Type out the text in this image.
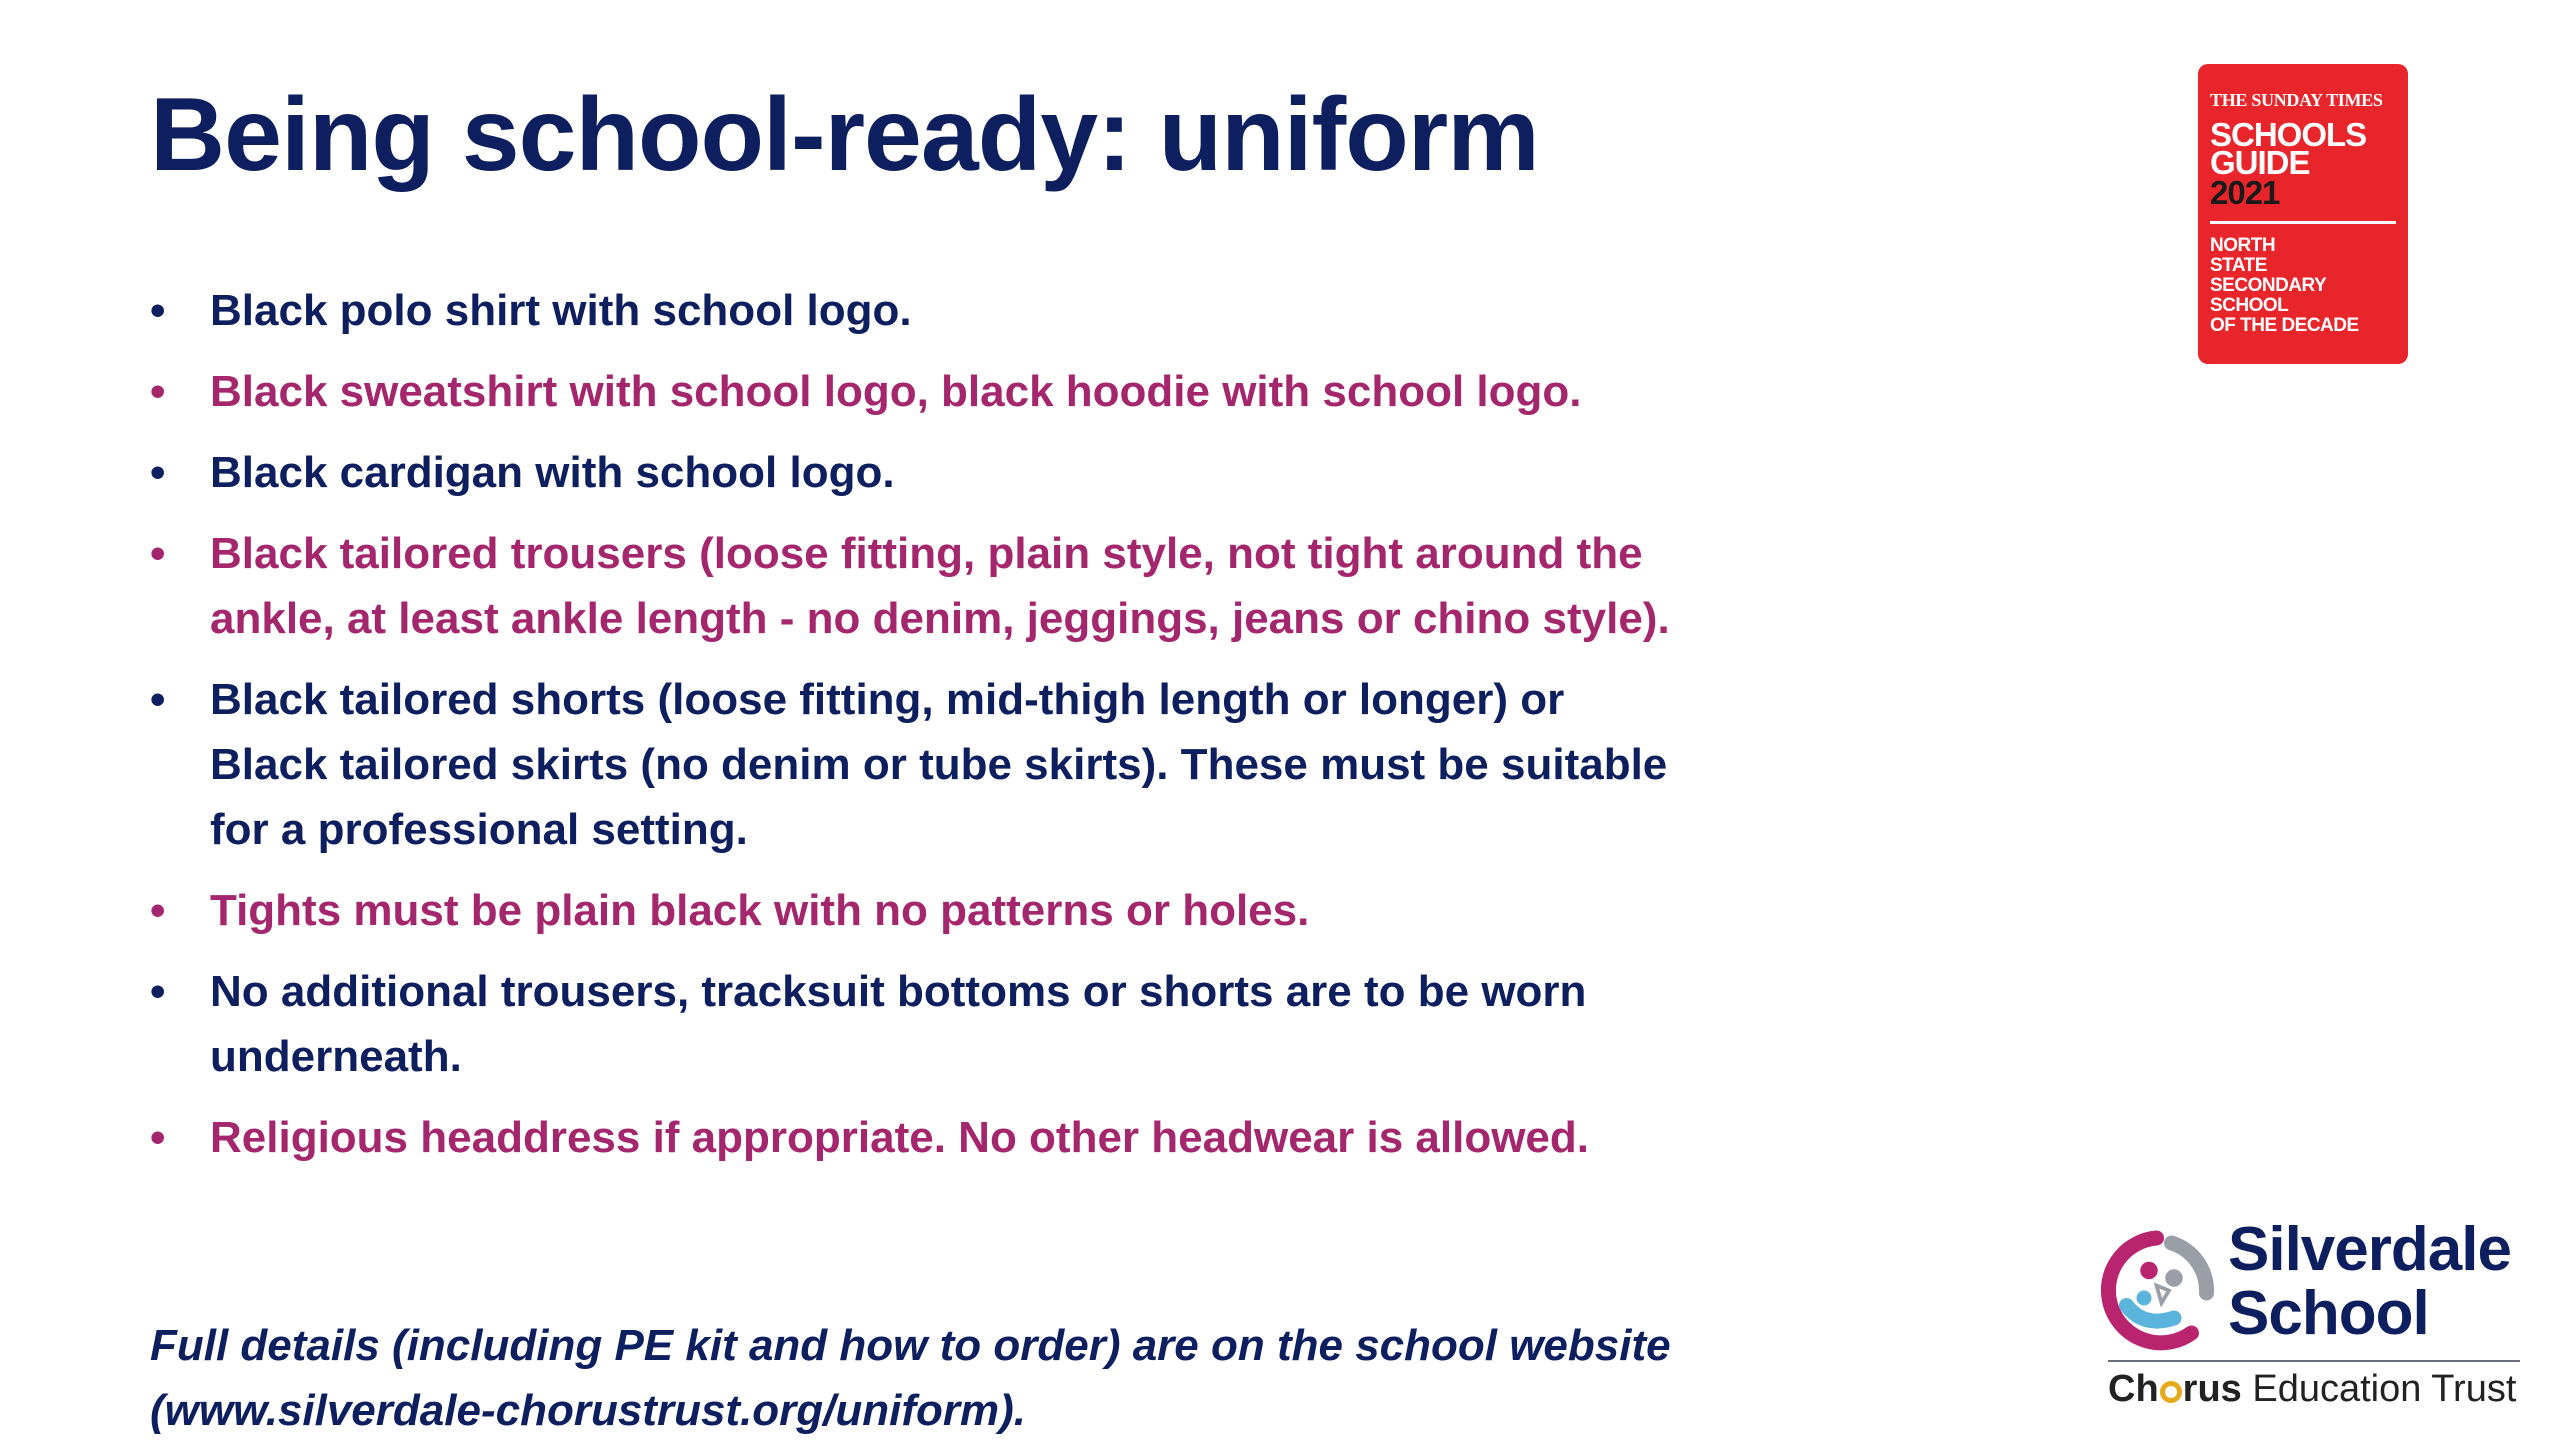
Being school-ready: uniform
• Black polo shirt with school logo.
• Black sweatshirt with school logo, black hoodie with school logo.
• Black cardigan with school logo.
• Black tailored trousers (loose fitting, plain style, not tight around the ankle, at least ankle length - no denim, jeggings, jeans or chino style).
• Black tailored shorts (loose fitting, mid-thigh length or longer) or Black tailored skirts (no denim or tube skirts). These must be suitable for a professional setting.
• Tights must be plain black with no patterns or holes.
• No additional trousers, tracksuit bottoms or shorts are to be worn underneath.
• Religious headdress if appropriate. No other headwear is allowed.

Full details (including PE kit and how to order) are on the school website (www.silverdale-chorustrust.org/uniform).

THE SUNDAY TIMES
SCHOOLS
GUIDE
2021
NORTH
STATE
SECONDARY
SCHOOL
OF THE DECADE
Silverdale
School
Ch rus Education Trust
